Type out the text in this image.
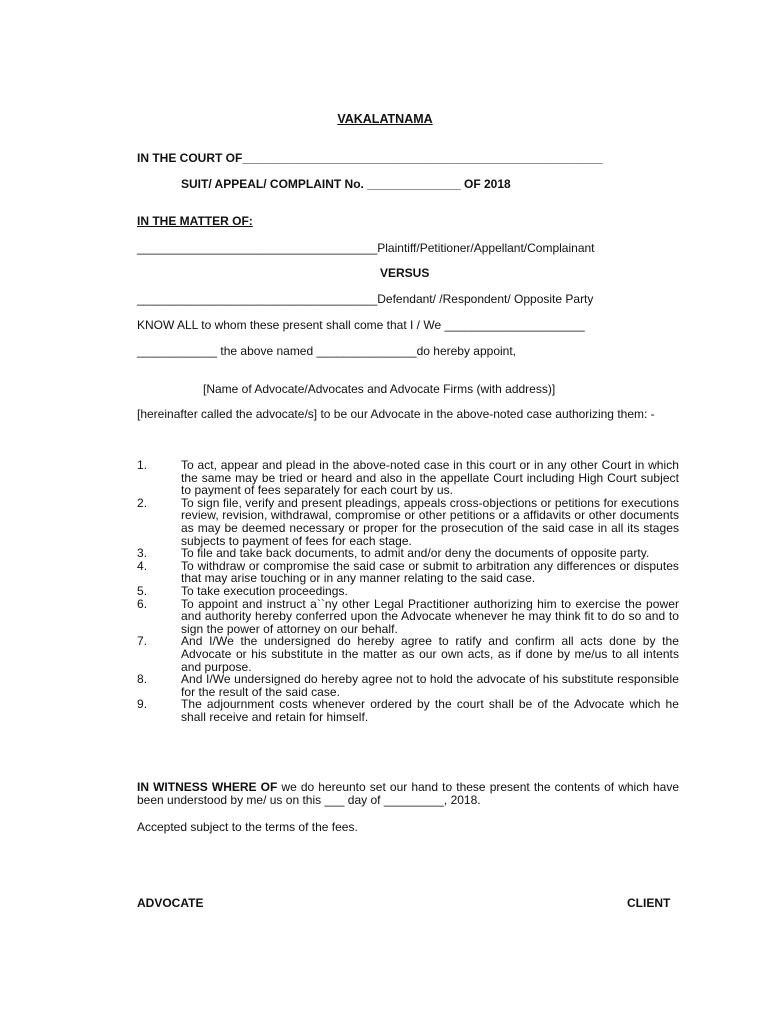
VAKALATNAMA
IN THE COURT OF______________________________________________________
SUIT/ APPEAL/ COMPLAINT No. ______________ OF 2018
IN THE MATTER OF:
____________________________________Plaintiff/Petitioner/Appellant/Complainant
VERSUS
____________________________________Defendant/ /Respondent/ Opposite Party
KNOW ALL to whom these present shall come that I / We _____________________
____________ the above named _______________do hereby appoint,
[Name of Advocate/Advocates and Advocate Firms (with address)]
[hereinafter called the advocate/s] to be our Advocate in the above-noted case authorizing them: -
1.	To act, appear and plead in the above-noted case in this court or in any other Court in which the same may be tried or heard and also in the appellate Court including High Court subject to payment of fees separately for each court by us.
2.	To sign file, verify and present pleadings, appeals cross-objections or petitions for executions review, revision, withdrawal, compromise or other petitions or a affidavits or other documents as may be deemed necessary or proper for the prosecution of the said case in all its stages subjects to payment of fees for each stage.
3.	To file and take back documents, to admit and/or deny the documents of opposite party.
4.	To withdraw or compromise the said case or submit to arbitration any differences or disputes that may arise touching or in any manner relating to the said case.
5.	To take execution proceedings.
6.	To appoint and instruct a``ny other Legal Practitioner authorizing him to exercise the power and authority hereby conferred upon the Advocate whenever he may think fit to do so and to sign the power of attorney on our behalf.
7.	And I/We the undersigned do hereby agree to ratify and confirm all acts done by the Advocate or his substitute in the matter as our own acts, as if done by me/us to all intents and purpose.
8.	And I/We undersigned do hereby agree not to hold the advocate of his substitute responsible for the result of the said case.
9.	The adjournment costs whenever ordered by the court shall be of the Advocate which he shall receive and retain for himself.
IN WITNESS WHERE OF we do hereunto set our hand to these present the contents of which have been understood by me/ us on this ___ day of _________, 2018.
Accepted subject to the terms of the fees.
ADVOCATE	CLIENT
